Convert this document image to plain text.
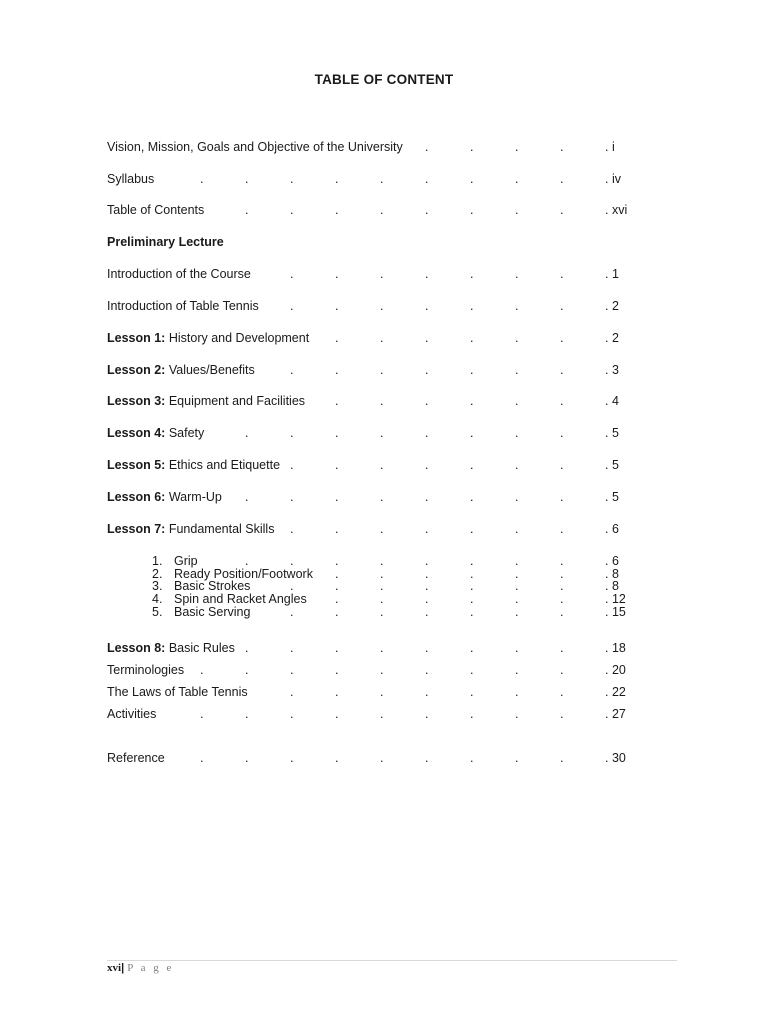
TABLE OF CONTENT
Vision, Mission, Goals and Objective of the University	. i
Syllabus	. iv
Table of Contents	. xvi
Preliminary Lecture
Introduction of the Course	. 1
Introduction of Table Tennis	. 2
Lesson 1: History and Development	. 2
Lesson 2: Values/Benefits	. 3
Lesson 3: Equipment and Facilities	. 4
Lesson 4: Safety	. 5
Lesson 5: Ethics and Etiquette	. 5
Lesson 6: Warm-Up	. 5
Lesson 7: Fundamental Skills	. 6
1. Grip	. 6
2. Ready Position/Footwork	. 8
3. Basic Strokes	. 8
4. Spin and Racket Angles	. 12
5. Basic Serving	. 15
Lesson 8: Basic Rules	. 18
Terminologies	. 20
The Laws of Table Tennis	. 22
Activities	. 27
Reference	. 30
.	.	.	.
.	.	.	.	.	.	.	.	.
.	.	.	.	.	.	.	.
.	.	.	.	.	.	.
.	.	.	.	.	.	.
.	.	.	.	.	.
.	.	.	.	.	.	.
.	.	.	.	.	.
.	.	.	.	.	.	.	.
.	.	.	.	.	.	.
.	.	.	.	.	.	.	.
.	.	.	.	.	.	.
.	.	.	.	.	.	.	.
.	.	.	.	.	.
.	.	.	.	.	.	.
.	.	.	.	.	.
.	.	.	.	.	.	.
.	.	.	.	.	.	.	.
.	.	.	.	.	.	.	.	.
.	.	.	.	.	.	.
.	.	.	.	.	.	.	.	.
.	.	.	.	.	.	.	.	.
xvi| P a g e
